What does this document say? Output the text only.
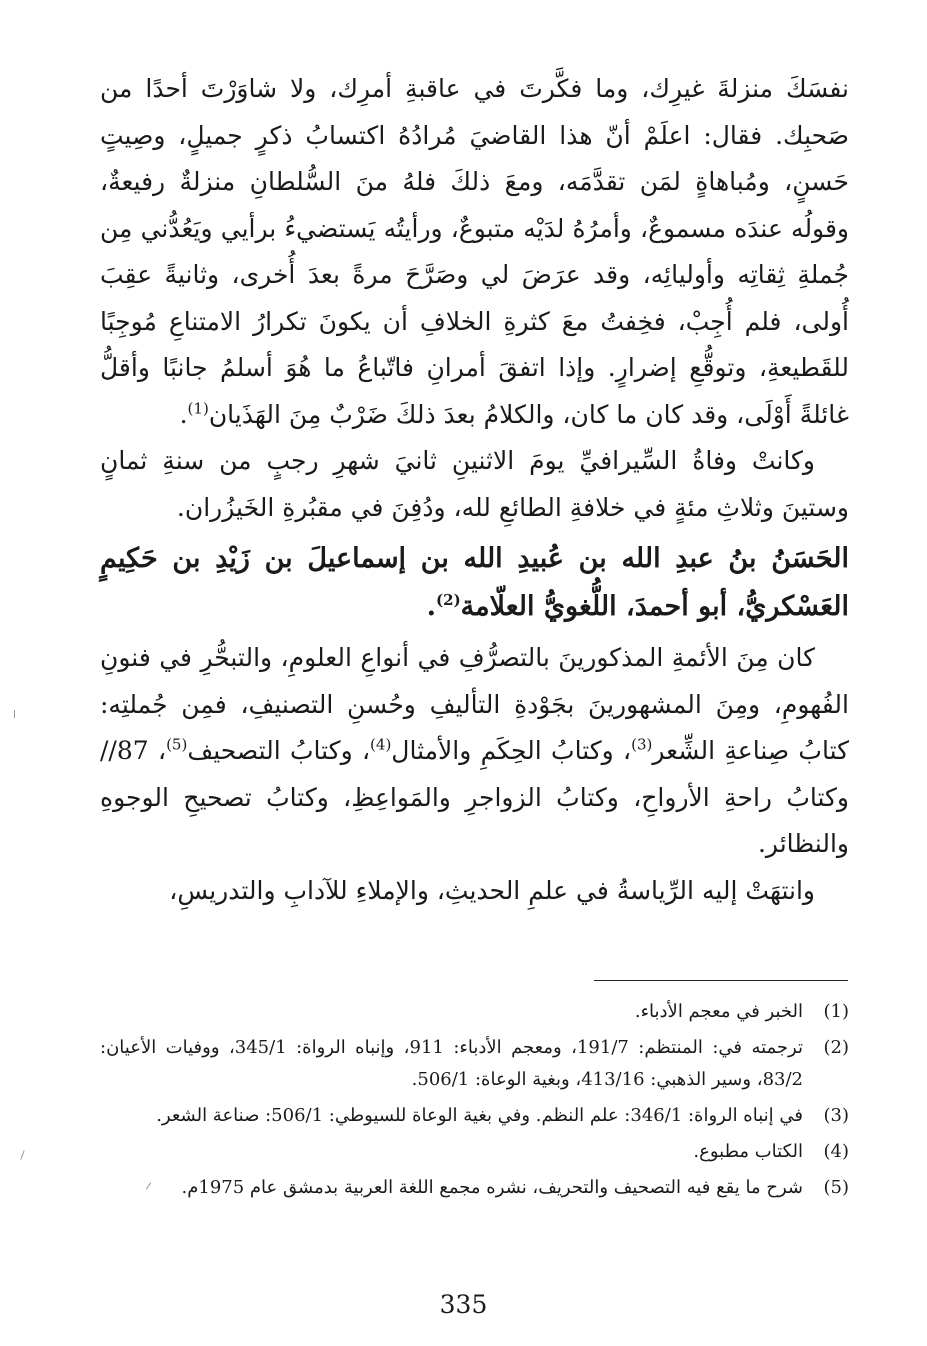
نفسَكَ منزلةَ غيرِك، وما فكَّرتَ في عاقبةِ أمرِك، ولا شاوَرْتَ أحدًا من صَحبِك. فقال: اعلَمْ أنّ هذا القاضيَ مُرادُهُ اكتسابُ ذكرٍ جميلٍ، وصِيتٍ حَسنٍ، ومُباهاةٍ لمَن تقدَّمَه، ومعَ ذلكَ فلهُ منَ السُّلطانِ منزلةٌ رفيعةٌ، وقولُه عندَه مسموعٌ، وأمرُهُ لدَيْه متبوعٌ، ورأيتُه يَستضيءُ برأيي ويَعُدُّني مِن جُملةِ ثِقاتِه وأوليائِه، وقد عرَضَ لي وصَرَّحَ مرةً بعدَ أُخرى، وثانيةً عقِبَ أُولى، فلم أُجِبْ، فخِفتُ معَ كثرةِ الخلافِ أن يكونَ تكرارُ الامتناعِ مُوجِبًا للقَطيعةِ، وتوقُّعِ إضرارٍ. وإذا اتفقَ أمرانِ فاتّباعُ ما هُوَ أسلمُ جانبًا وأقلُّ غائلةً أَوْلَى، وقد كان ما كان، والكلامُ بعدَ ذلكَ ضَرْبٌ مِنَ الهَذَيان$^{(1)}$.

وكانتْ وفاةُ السِّيرافيِّ يومَ الاثنينِ ثانيَ شهرِ رجبٍ من سنةِ ثمانٍ وستينَ وثلاثِ مئةٍ في خلافةِ الطائعِ لله، ودُفِنَ في مقبُرةِ الخَيزُران.

الحَسَنُ بنُ عبدِ الله بن عُبيدِ الله بن إسماعيلَ بن زَيْدِ بن حَكِيمٍ العَسْكريُّ، أبو أحمدَ، اللُّغويُّ العلّامة$^{(2)}$.

كان مِنَ الأئمةِ المذكورينَ بالتصرُّفِ في أنواعِ العلومِ، والتبحُّرِ في فنونِ الفُهومِ، ومِنَ المشهورينَ بجَوْدةِ التأليفِ وحُسنِ التصنيفِ، فمِن جُملتِه: كتابُ صِناعةِ الشِّعر$^{(3)}$، وكتابُ الحِكَمِ والأمثال$^{(4)}$، وكتابُ التصحيف$^{(5)}$، 87// وكتابُ راحةِ الأرواحِ، وكتابُ الزواجرِ والمَواعِظِ، وكتابُ تصحيحِ الوجوهِ والنظائر.

وانتهَتْ إليه الرِّياسةُ في علمِ الحديثِ، والإملاءِ للآدابِ والتدريسِ،

(1)
الخبر في معجم الأدباء.
(2)
ترجمته في: المنتظم: 191/7، ومعجم الأدباء: 911، وإنباه الرواة: 345/1، ووفيات الأعيان: 83/2، وسير الذهبي: 413/16، وبغية الوعاة: 506/1.
(3)
في إنباه الرواة: 346/1: علم النظم. وفي بغية الوعاة للسيوطي: 506/1: صناعة الشعر.
(4)
الكتاب مطبوع.
(5)
شرح ما يقع فيه التصحيف والتحريف، نشره مجمع اللغة العربية بدمشق عام 1975م.
335
